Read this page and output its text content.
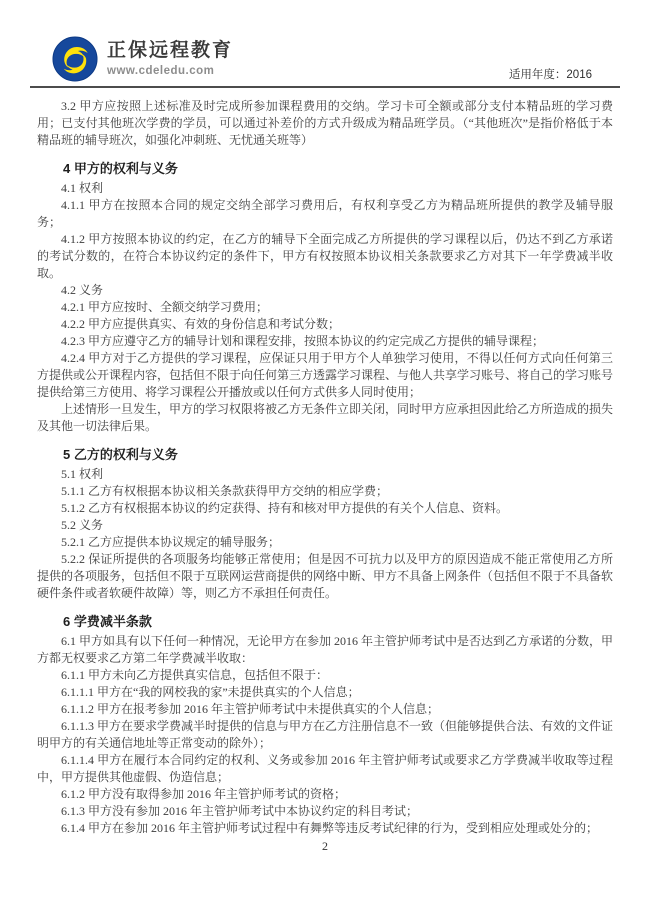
正保远程教育
www.cdeledu.com	适用年度：2016

3.2 甲方应按照上述标准及时完成所参加课程费用的交纳。学习卡可全额或部分支付本精品班的学习费用；已支付其他班次学费的学员，可以通过补差价的方式升级成为精品班学员。（“其他班次”是指价格低于本精品班的辅导班次，如强化冲刺班、无忧通关班等）

4 甲方的权利与义务

4.1 权利

4.1.1 甲方在按照本合同的规定交纳全部学习费用后，有权利享受乙方为精品班所提供的教学及辅导服务；

4.1.2 甲方按照本协议的约定，在乙方的辅导下全面完成乙方所提供的学习课程以后，仍达不到乙方承诺的考试分数的，在符合本协议约定的条件下，甲方有权按照本协议相关条款要求乙方对其下一年学费减半收取。

4.2 义务

4.2.1 甲方应按时、全额交纳学习费用；

4.2.2 甲方应提供真实、有效的身份信息和考试分数；

4.2.3 甲方应遵守乙方的辅导计划和课程安排，按照本协议的约定完成乙方提供的辅导课程；

4.2.4 甲方对于乙方提供的学习课程，应保证只用于甲方个人单独学习使用，不得以任何方式向任何第三方提供或公开课程内容，包括但不限于向任何第三方透露学习课程、与他人共享学习账号、将自己的学习账号提供给第三方使用、将学习课程公开播放或以任何方式供多人同时使用；

上述情形一旦发生，甲方的学习权限将被乙方无条件立即关闭，同时甲方应承担因此给乙方所造成的损失及其他一切法律后果。

5 乙方的权利与义务

5.1 权利

5.1.1 乙方有权根据本协议相关条款获得甲方交纳的相应学费；

5.1.2 乙方有权根据本协议的约定获得、持有和核对甲方提供的有关个人信息、资料。

5.2 义务

5.2.1 乙方应提供本协议规定的辅导服务；

5.2.2 保证所提供的各项服务均能够正常使用；但是因不可抗力以及甲方的原因造成不能正常使用乙方所提供的各项服务，包括但不限于互联网运营商提供的网络中断、甲方不具备上网条件（包括但不限于不具备软硬件条件或者软硬件故障）等，则乙方不承担任何责任。

6 学费减半条款

6.1 甲方如具有以下任何一种情况，无论甲方在参加 2016 年主管护师考试中是否达到乙方承诺的分数，甲方都无权要求乙方第二年学费减半收取：

6.1.1 甲方未向乙方提供真实信息，包括但不限于：

6.1.1.1 甲方在“我的网校我的家”未提供真实的个人信息；

6.1.1.2 甲方在报考参加 2016 年主管护师考试中未提供真实的个人信息；

6.1.1.3 甲方在要求学费减半时提供的信息与甲方在乙方注册信息不一致（但能够提供合法、有效的文件证明甲方的有关通信地址等正常变动的除外）；

6.1.1.4 甲方在履行本合同约定的权利、义务或参加 2016 年主管护师考试或要求乙方学费减半收取等过程中，甲方提供其他虚假、伪造信息；

6.1.2 甲方没有取得参加 2016 年主管护师考试的资格；

6.1.3 甲方没有参加 2016 年主管护师考试中本协议约定的科目考试；

6.1.4 甲方在参加 2016 年主管护师考试过程中有舞弊等违反考试纪律的行为，受到相应处理或处分的；

2
